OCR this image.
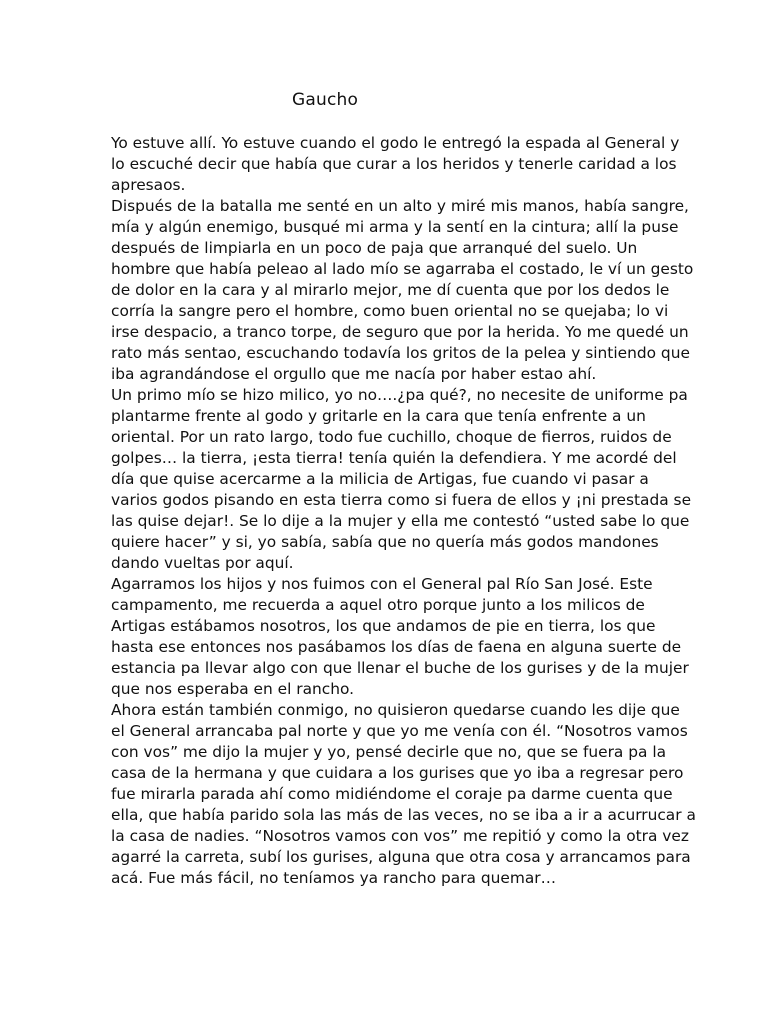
Gaucho

Yo estuve allí. Yo estuve cuando el godo le entregó la espada al General y
lo escuché decir que había que curar a los heridos y tenerle caridad a los
apresaos.

Dispués de la batalla me senté en un alto y miré mis manos, había sangre,
mía y algún enemigo, busqué mi arma y la sentí en la cintura; allí la puse
después de limpiarla en un poco de paja que arranqué del suelo. Un
hombre que había peleao al lado mío se agarraba el costado, le ví un gesto
de dolor en la cara y al mirarlo mejor, me dí cuenta que por los dedos le
corría la sangre pero el hombre, como buen oriental no se quejaba; lo vi
irse despacio, a tranco torpe, de seguro que por la herida. Yo me quedé un
rato más sentao, escuchando todavía los gritos de la pelea y sintiendo que
iba agrandándose el orgullo que me nacía por haber estao ahí.

Un primo mío se hizo milico, yo no….¿pa qué?, no necesite de uniforme pa
plantarme frente al godo y gritarle en la cara que tenía enfrente a un
oriental. Por un rato largo, todo fue cuchillo, choque de fierros, ruidos de
golpes… la tierra, ¡esta tierra! tenía quién la defendiera. Y me acordé del
día que quise acercarme a la milicia de Artigas, fue cuando vi pasar a
varios godos pisando en esta tierra como si fuera de ellos y ¡ni prestada se
las quise dejar!. Se lo dije a la mujer y ella me contestó “usted sabe lo que
quiere hacer” y si, yo sabía, sabía que no quería más godos mandones
dando vueltas por aquí.

Agarramos los hijos y nos fuimos con el General pal Río San José. Este
campamento, me recuerda a aquel otro porque junto a los milicos de
Artigas estábamos nosotros, los que andamos de pie en tierra, los que
hasta ese entonces nos pasábamos los días de faena en alguna suerte de
estancia pa llevar algo con que llenar el buche de los gurises y de la mujer
que nos esperaba en el rancho.

Ahora están también conmigo, no quisieron quedarse cuando les dije que
el General arrancaba pal norte y que yo me venía con él. “Nosotros vamos
con vos” me dijo la mujer y yo, pensé decirle que no, que se fuera pa la
casa de la hermana y que cuidara a los gurises que yo iba a regresar pero
fue mirarla parada ahí como midiéndome el coraje pa darme cuenta que
ella, que había parido sola las más de las veces, no se iba a ir a acurrucar a
la casa de nadies. “Nosotros vamos con vos” me repitió y como la otra vez
agarré la carreta, subí los gurises, alguna que otra cosa y arrancamos para
acá. Fue más fácil, no teníamos ya rancho para quemar…
